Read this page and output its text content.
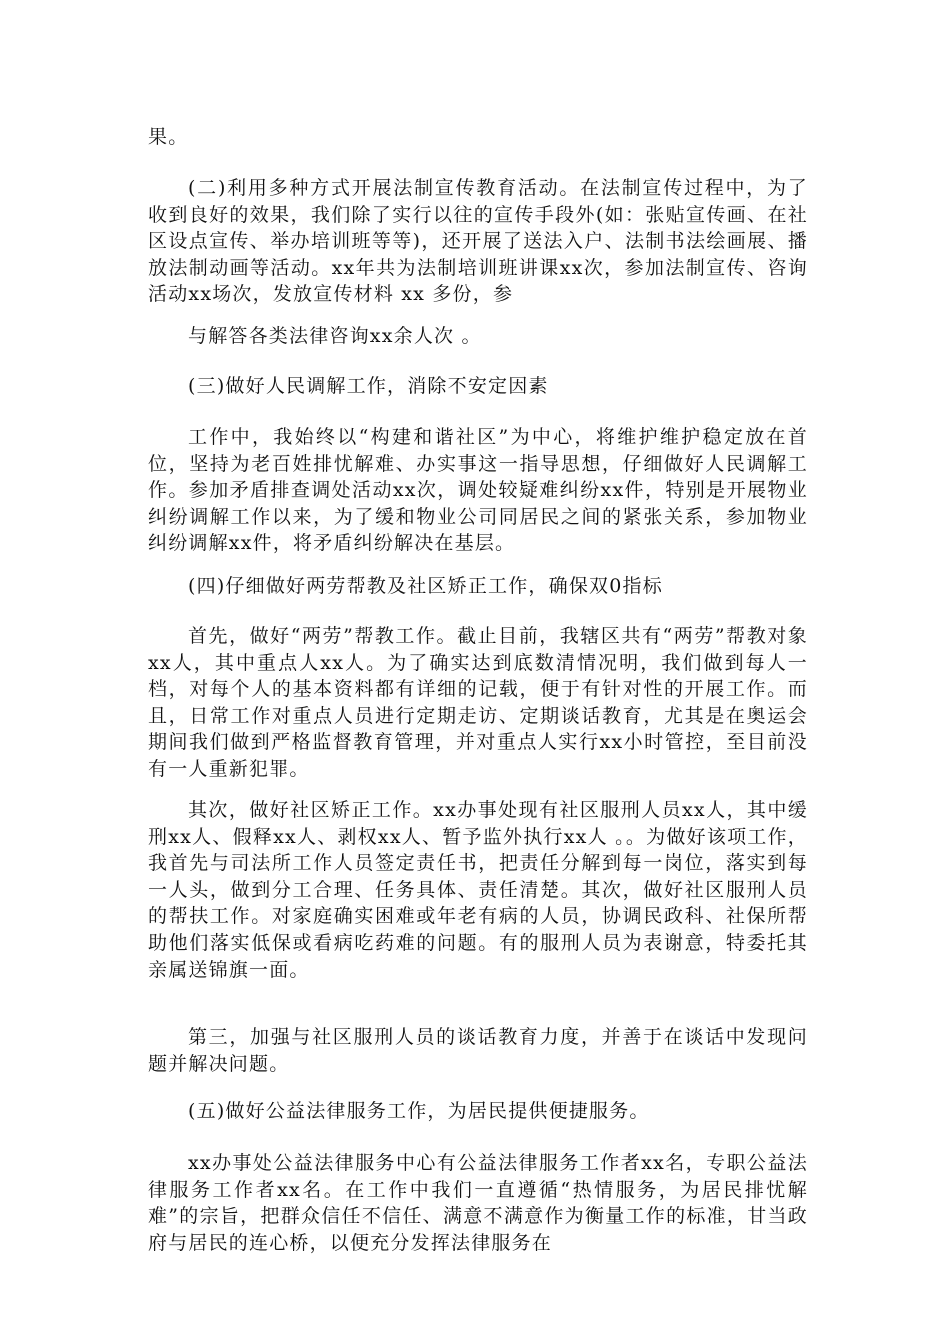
果。

(二)利用多种方式开展法制宣传教育活动。在法制宣传过程中，为了收到良好的效果，我们除了实行以往的宣传手段外(如：张贴宣传画、在社区设点宣传、举办培训班等等)，还开展了送法入户、法制书法绘画展、播放法制动画等活动。xx年共为法制培训班讲课xx次，参加法制宣传、咨询活动xx场次，发放宣传材料 xx 多份，参

与解答各类法律咨询xx余人次 。

(三)做好人民调解工作，消除不安定因素

工作中，我始终以“构建和谐社区”为中心，将维护维护稳定放在首位，坚持为老百姓排忧解难、办实事这一指导思想，仔细做好人民调解工作。参加矛盾排查调处活动xx次，调处较疑难纠纷xx件，特别是开展物业纠纷调解工作以来，为了缓和物业公司同居民之间的紧张关系，参加物业纠纷调解xx件，将矛盾纠纷解决在基层。

(四)仔细做好两劳帮教及社区矫正工作，确保双0指标

首先，做好“两劳”帮教工作。截止目前，我辖区共有“两劳”帮教对象xx人，其中重点人xx人。为了确实达到底数清情况明，我们做到每人一档，对每个人的基本资料都有详细的记载，便于有针对性的开展工作。而且，日常工作对重点人员进行定期走访、定期谈话教育，尤其是在奥运会期间我们做到严格监督教育管理，并对重点人实行xx小时管控，至目前没有一人重新犯罪。

其次，做好社区矫正工作。xx办事处现有社区服刑人员xx人，其中缓刑xx人、假释xx人、剥权xx人、暂予监外执行xx人 。。为做好该项工作，我首先与司法所工作人员签定责任书，把责任分解到每一岗位，落实到每一人头，做到分工合理、任务具体、责任清楚。其次，做好社区服刑人员的帮扶工作。对家庭确实困难或年老有病的人员，协调民政科、社保所帮助他们落实低保或看病吃药难的问题。有的服刑人员为表谢意，特委托其亲属送锦旗一面。

第三，加强与社区服刑人员的谈话教育力度，并善于在谈话中发现问题并解决问题。

(五)做好公益法律服务工作，为居民提供便捷服务。

xx办事处公益法律服务中心有公益法律服务工作者xx名，专职公益法律服务工作者xx名。在工作中我们一直遵循“热情服务，为居民排忧解难”的宗旨，把群众信任不信任、满意不满意作为衡量工作的标准，甘当政府与居民的连心桥，以便充分发挥法律服务在
